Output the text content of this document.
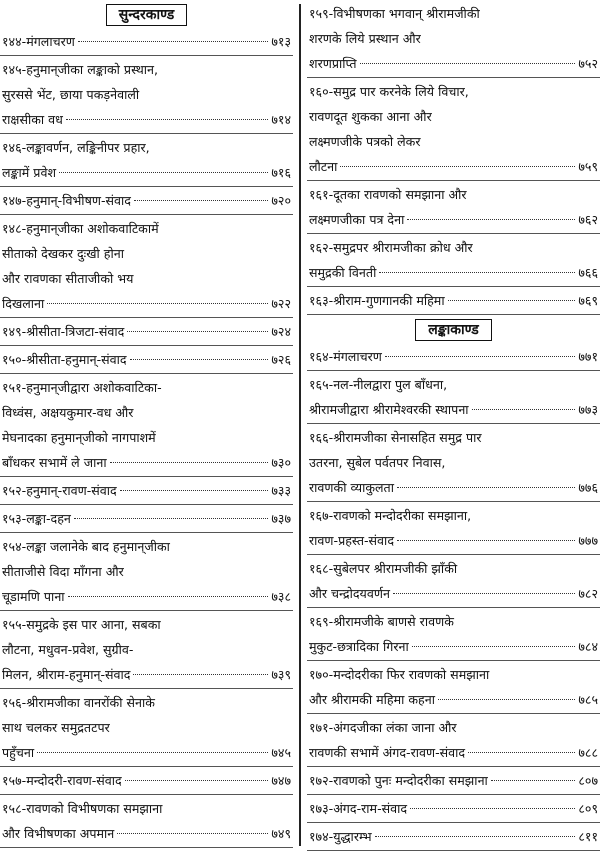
सुन्दरकाण्ड
१४४-मंगलाचरण	७१३
१४५-हनुमान्‌जीका लङ्काको प्रस्थान,
सुरससे भेंट, छाया पकड़नेवाली
राक्षसीका वध	७१४
१४६-लङ्कावर्णन, लङ्किनीपर प्रहार,
लङ्कामें प्रवेश	७१६
१४७-हनुमान्-विभीषण-संवाद	७२०
१४८-हनुमान्‌जीका अशोकवाटिकामें
सीताको देखकर दुःखी होना
और रावणका सीताजीको भय
दिखलाना	७२२
१४९-श्रीसीता-त्रिजटा-संवाद	७२४
१५०-श्रीसीता-हनुमान्-संवाद	७२६
१५१-हनुमान्‌जीद्वारा अशोकवाटिका-
विध्वंस, अक्षयकुमार-वध और
मेघनादका हनुमान्‌जीको नागपाशमें
बाँधकर सभामें ले जाना	७३०
१५२-हनुमान्-रावण-संवाद	७३३
१५३-लङ्का-दहन	७३७
१५४-लङ्का जलानेके बाद हनुमान्‌जीका
सीताजीसे विदा माँगना और
चूडामणि पाना	७३८
१५५-समुद्रके इस पार आना, सबका
लौटना, मधुवन-प्रवेश, सुग्रीव-
मिलन, श्रीराम-हनुमान्-संवाद	७३९
१५६-श्रीरामजीका वानरोंकी सेनाके
साथ चलकर समुद्रतटपर
पहुँचना	७४५
१५७-मन्दोदरी-रावण-संवाद	७४७
१५८-रावणको विभीषणका समझाना
और विभीषणका अपमान	७४९
१५९-विभीषणका भगवान् श्रीरामजीकी
शरणके लिये प्रस्थान और
शरणप्राप्ति	७५२
१६०-समुद्र पार करनेके लिये विचार,
रावणदूत शुकका आना और
लक्ष्मणजीके पत्रको लेकर
लौटना	७५९
१६१-दूतका रावणको समझाना और
लक्ष्मणजीका पत्र देना	७६२
१६२-समुद्रपर श्रीरामजीका क्रोध और
समुद्रकी विनती	७६६
१६३-श्रीराम-गुणगानकी महिमा	७६९
लङ्काकाण्ड
१६४-मंगलाचरण	७७१
१६५-नल-नीलद्वारा पुल बाँधना,
श्रीरामजीद्वारा श्रीरामेश्वरकी स्थापना	७७३
१६६-श्रीरामजीका सेनासहित समुद्र पार
उतरना, सुबेल पर्वतपर निवास,
रावणकी व्याकुलता	७७६
१६७-रावणको मन्दोदरीका समझाना,
रावण-प्रहस्त-संवाद	७७७
१६८-सुबेलपर श्रीरामजीकी झाँकी
और चन्द्रोदयवर्णन	७८२
१६९-श्रीरामजीके बाणसे रावणके
मुकुट-छत्रादिका गिरना	७८४
१७०-मन्दोदरीका फिर रावणको समझाना
और श्रीरामकी महिमा कहना	७८५
१७१-अंगदजीका लंका जाना और
रावणकी सभामें अंगद-रावण-संवाद	७८८
१७२-रावणको पुनः मन्दोदरीका समझाना	८०७
१७३-अंगद-राम-संवाद	८०९
१७४-युद्धारम्भ	८११
